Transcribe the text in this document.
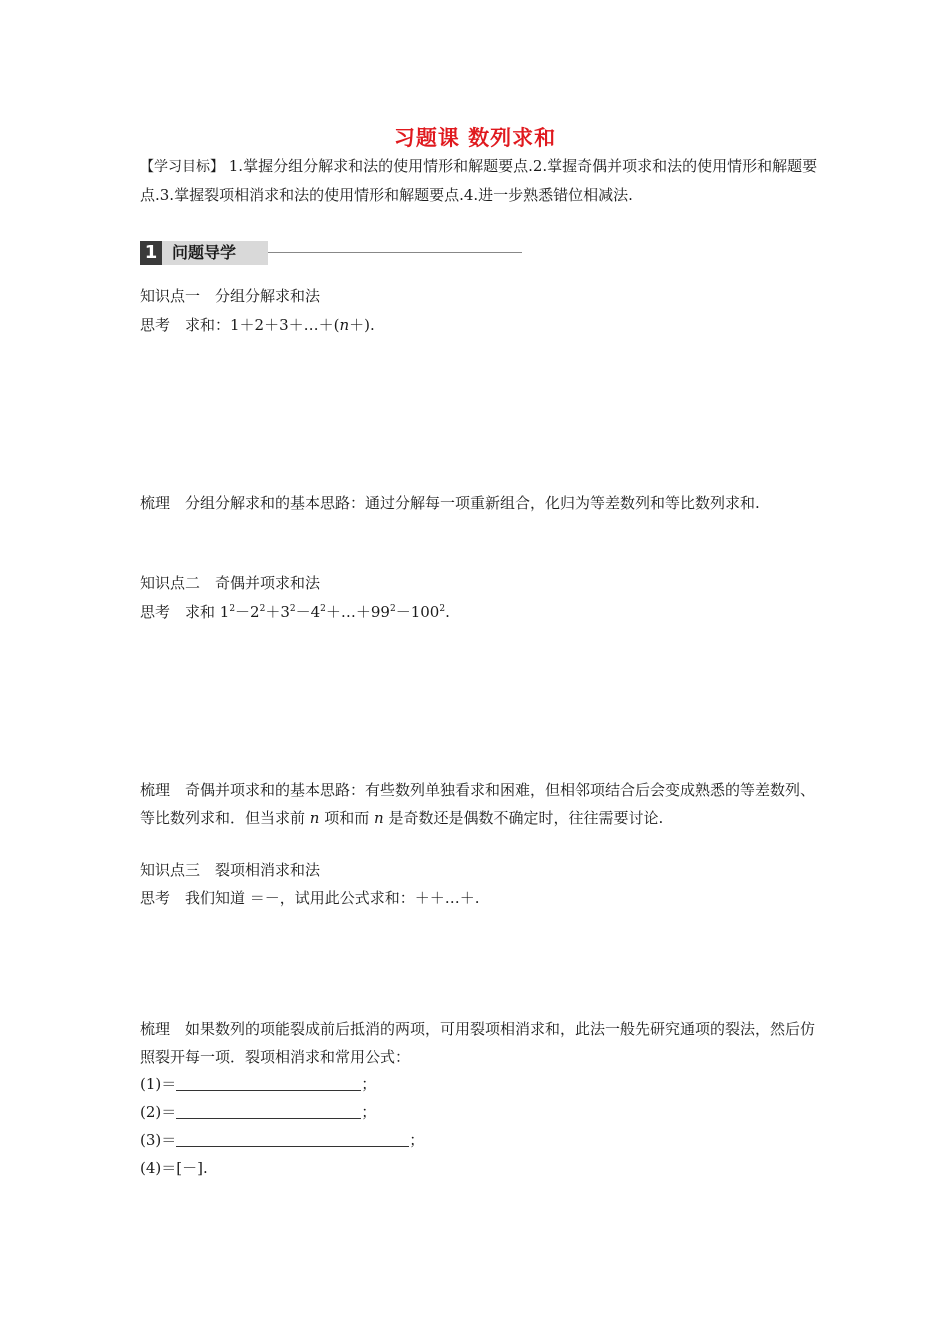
习题课 数列求和
【学习目标】 1.掌握分组分解求和法的使用情形和解题要点.2.掌握奇偶并项求和法的使用情形和解题要点.3.掌握裂项相消求和法的使用情形和解题要点.4.进一步熟悉错位相减法.
1 问题导学
知识点一　分组分解求和法
思考　求和：1＋2＋3＋…＋(n＋).
梳理　分组分解求和的基本思路：通过分解每一项重新组合，化归为等差数列和等比数列求和.
知识点二　奇偶并项求和法
思考　求和 $1^2-2^2+3^2-4^2+\dots+99^2-100^2$.
梳理　奇偶并项求和的基本思路：有些数列单独看求和困难，但相邻项结合后会变成熟悉的等差数列、等比数列求和．但当求前 n 项和而 n 是奇数还是偶数不确定时，往往需要讨论.
知识点三　裂项相消求和法
思考　我们知道 ＝－，试用此公式求和：＋＋…＋.
梳理　如果数列的项能裂成前后抵消的两项，可用裂项相消求和，此法一般先研究通项的裂法，然后仿照裂开每一项．裂项相消求和常用公式：
(1)＝	；
(2)＝	；
(3)＝	；
(4)＝[－].
